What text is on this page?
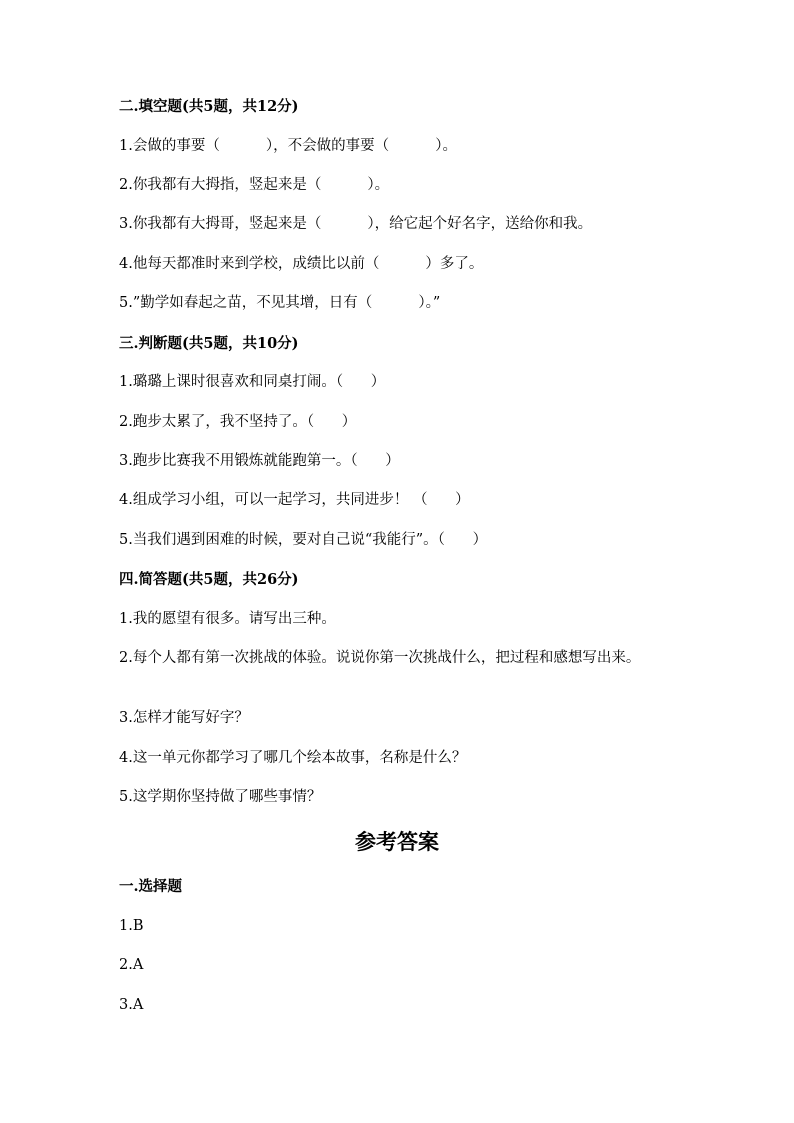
二.填空题(共5题，共12分)
1.会做的事要（          ），不会做的事要（          ）。
2.你我都有大拇指，竖起来是（          ）。
3.你我都有大拇哥，竖起来是（          ），给它起个好名字，送给你和我。
4.他每天都准时来到学校，成绩比以前（          ）多了。
5.”勤学如春起之苗，不见其增，日有（          ）。”
三.判断题(共5题，共10分)
1.璐璐上课时很喜欢和同桌打闹。（      ）
2.跑步太累了，我不坚持了。（      ）
3.跑步比赛我不用锻炼就能跑第一。（      ）
4.组成学习小组，可以一起学习，共同进步！ （      ）
5.当我们遇到困难的时候，要对自己说“我能行”。（      ）
四.简答题(共5题，共26分)
1.我的愿望有很多。请写出三种。
2.每个人都有第一次挑战的体验。说说你第一次挑战什么，把过程和感想写出来。
3.怎样才能写好字？
4.这一单元你都学习了哪几个绘本故事，名称是什么？
5.这学期你坚持做了哪些事情？
参考答案
一.选择题
1.B
2.A
3.A
